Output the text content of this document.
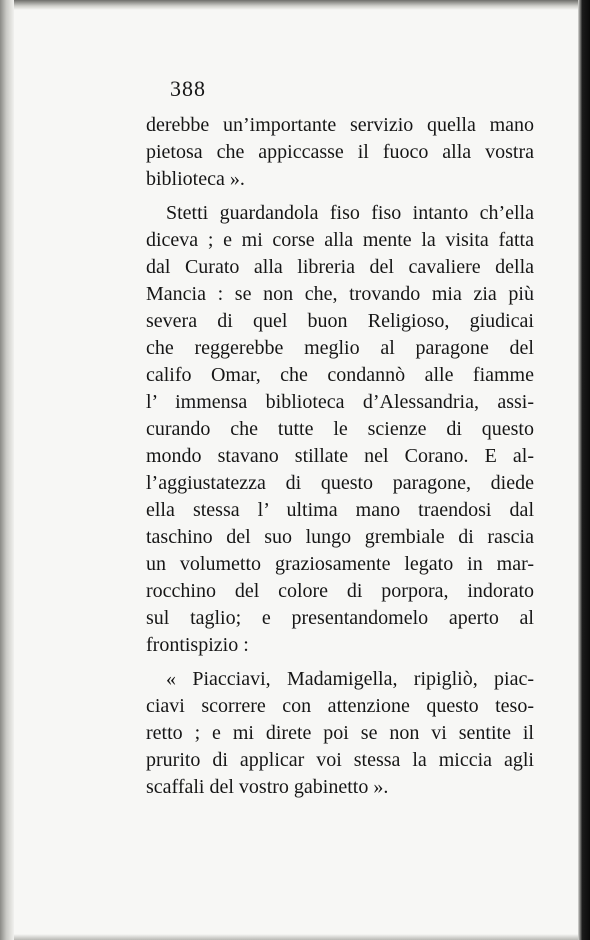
388
derebbe un’importante servizio quella mano
pietosa che appiccasse il fuoco alla vostra
biblioteca ».
Stetti guardandola fiso fiso intanto ch’ella
diceva ; e mi corse alla mente la visita fatta
dal Curato alla libreria del cavaliere della
Mancia : se non che, trovando mia zia più
severa di quel buon Religioso, giudicai
che reggerebbe meglio al paragone del
califo Omar, che condannò alle fiamme
l’ immensa biblioteca d’Alessandria, assi-
curando che tutte le scienze di questo
mondo stavano stillate nel Corano. E al-
l’aggiustatezza di questo paragone, diede
ella stessa l’ ultima mano traendosi dal
taschino del suo lungo grembiale di rascia
un volumetto graziosamente legato in mar-
rocchino del colore di porpora, indorato
sul taglio; e presentandomelo aperto al
frontispizio :
« Piacciavi, Madamigella, ripigliò, piac-
ciavi scorrere con attenzione questo teso-
retto ; e mi direte poi se non vi sentite il
prurito di applicar voi stessa la miccia agli
scaffali del vostro gabinetto ».
